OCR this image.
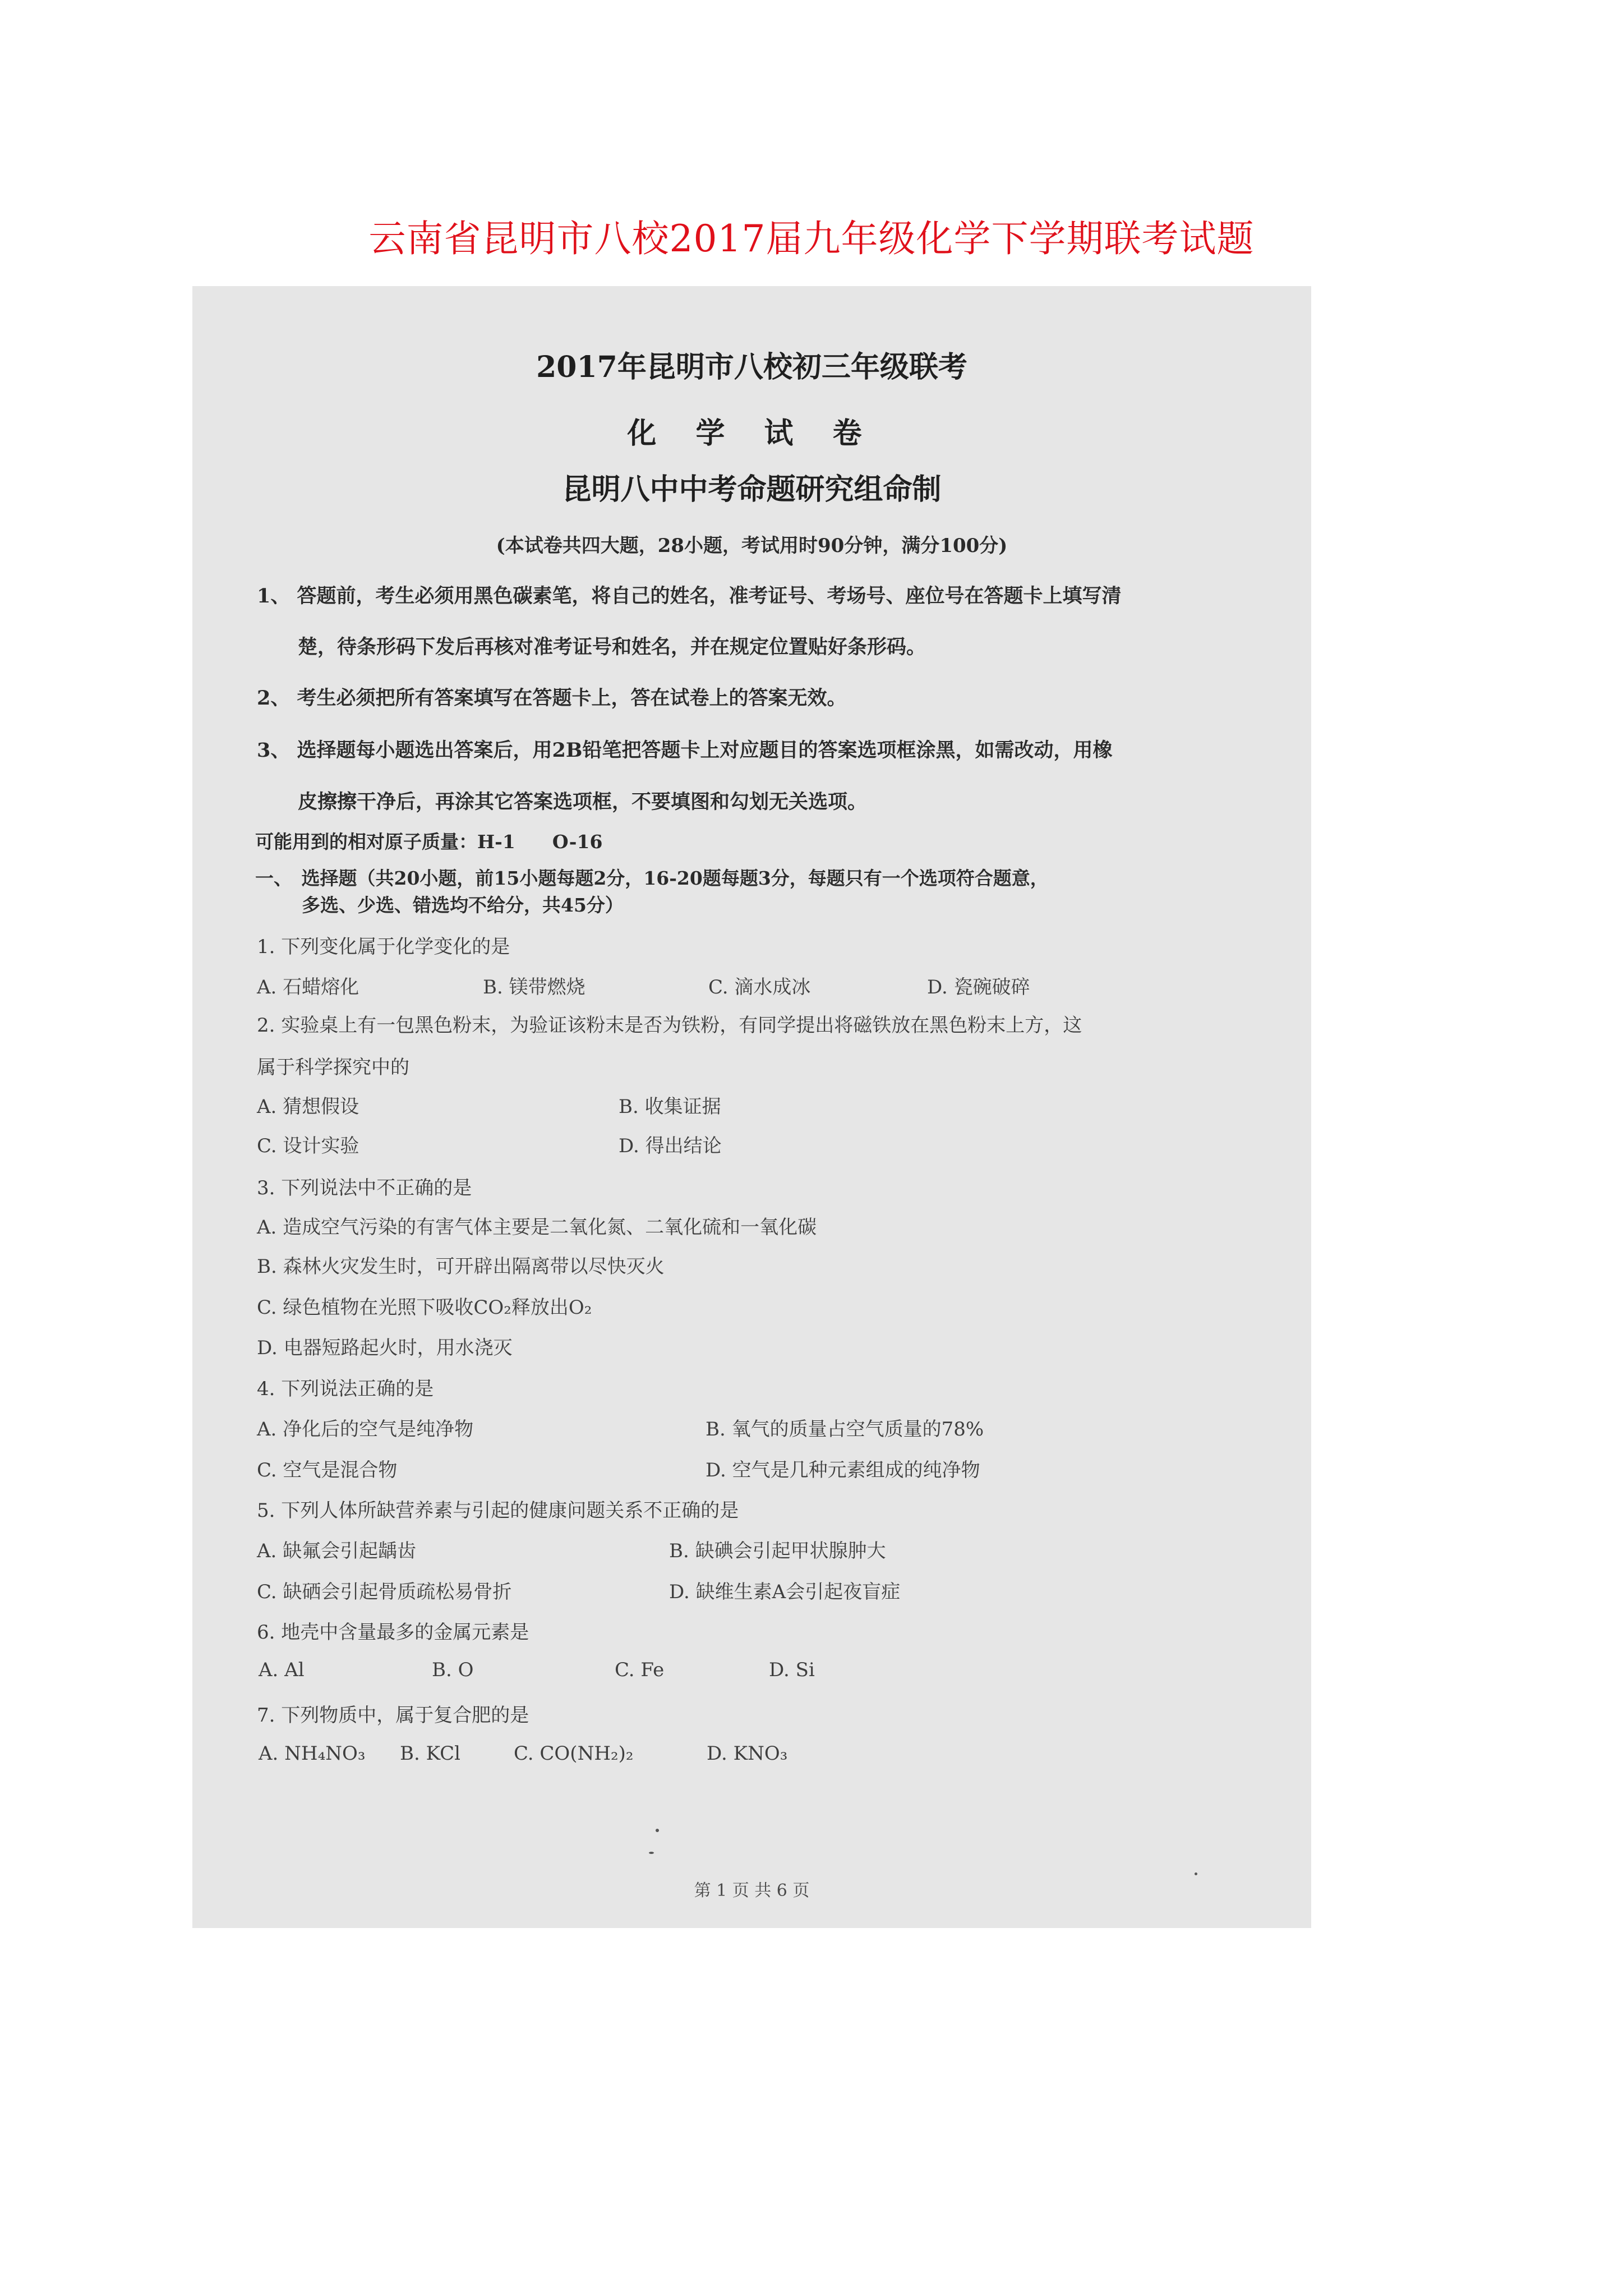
云南省昆明市八校2017届九年级化学下学期联考试题
2017年昆明市八校初三年级联考
化 学 试 卷
昆明八中中考命题研究组命制
(本试卷共四大题，28小题，考试用时90分钟，满分100分)
1、 答题前，考生必须用黑色碳素笔，将自己的姓名，准考证号、考场号、座位号在答题卡上填写清
楚，待条形码下发后再核对准考证号和姓名，并在规定位置贴好条形码。
2、 考生必须把所有答案填写在答题卡上，答在试卷上的答案无效。
3、 选择题每小题选出答案后，用2B铅笔把答题卡上对应题目的答案选项框涂黑，如需改动，用橡
皮擦擦干净后，再涂其它答案选项框，不要填图和勾划无关选项。
可能用到的相对原子质量：H-1　　O-16
一、　选择题（共20小题，前15小题每题2分，16-20题每题3分，每题只有一个选项符合题意，
多选、少选、错选均不给分，共45分）
1. 下列变化属于化学变化的是
A. 石蜡熔化	B. 镁带燃烧	C. 滴水成冰	D. 瓷碗破碎
2. 实验桌上有一包黑色粉末，为验证该粉末是否为铁粉，有同学提出将磁铁放在黑色粉末上方，这
属于科学探究中的
A. 猜想假设	B. 收集证据
C. 设计实验	D. 得出结论
3. 下列说法中不正确的是
A. 造成空气污染的有害气体主要是二氧化氮、二氧化硫和一氧化碳
B. 森林火灾发生时，可开辟出隔离带以尽快灭火
C. 绿色植物在光照下吸收CO₂释放出O₂
D. 电器短路起火时，用水浇灭
4. 下列说法正确的是
A. 净化后的空气是纯净物	B. 氧气的质量占空气质量的78%
C. 空气是混合物	D. 空气是几种元素组成的纯净物
5. 下列人体所缺营养素与引起的健康问题关系不正确的是
A. 缺氟会引起龋齿	B. 缺碘会引起甲状腺肿大
C. 缺硒会引起骨质疏松易骨折	D. 缺维生素A会引起夜盲症
6. 地壳中含量最多的金属元素是
A. Al	B. O	C. Fe	D. Si
7. 下列物质中，属于复合肥的是
A. NH₄NO₃ B. KCl	C. CO(NH₂)₂	D. KNO₃
第 1 页 共 6 页
